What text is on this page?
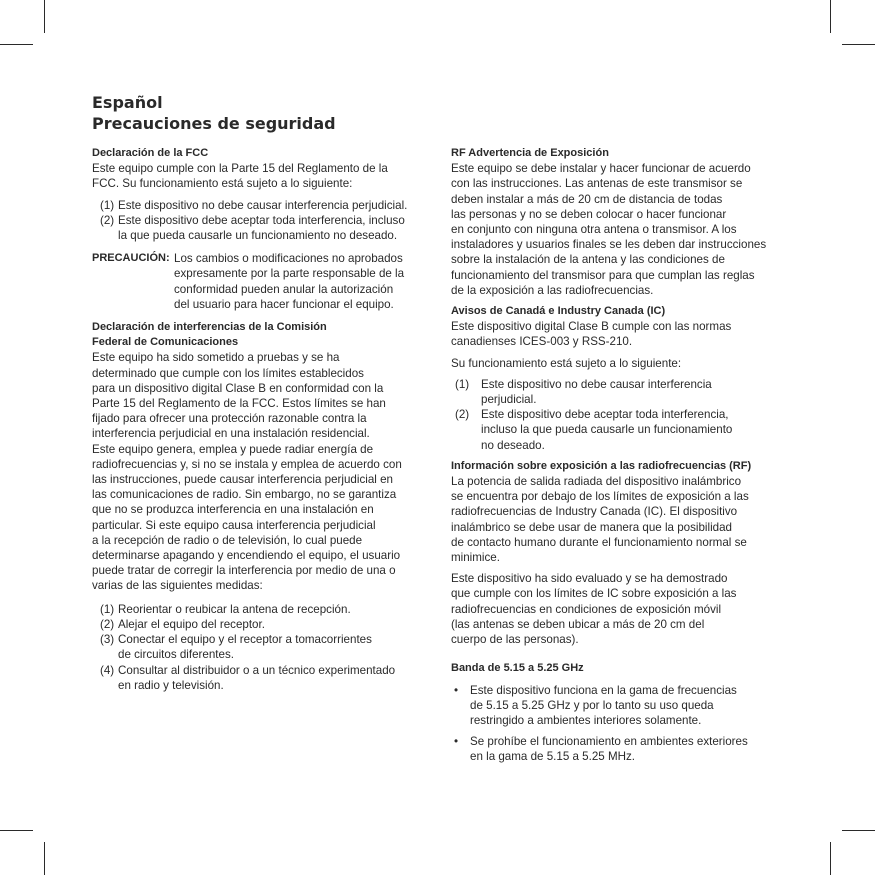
Español
Precauciones de seguridad
Declaración de la FCC
Este equipo cumple con la Parte 15 del Reglamento de la
FCC. Su funcionamiento está sujeto a lo siguiente:
(1) Este dispositivo no debe causar interferencia perjudicial.
(2) Este dispositivo debe aceptar toda interferencia, incluso
la que pueda causarle un funcionamiento no deseado.
PRECAUCIÓN: Los cambios o modificaciones no aprobados
expresamente por la parte responsable de la
conformidad pueden anular la autorización
del usuario para hacer funcionar el equipo.
Declaración de interferencias de la Comisión
Federal de Comunicaciones
Este equipo ha sido sometido a pruebas y se ha
determinado que cumple con los límites establecidos
para un dispositivo digital Clase B en conformidad con la
Parte 15 del Reglamento de la FCC. Estos límites se han
fijado para ofrecer una protección razonable contra la
interferencia perjudicial en una instalación residencial.
Este equipo genera, emplea y puede radiar energía de
radiofrecuencias y, si no se instala y emplea de acuerdo con
las instrucciones, puede causar interferencia perjudicial en
las comunicaciones de radio. Sin embargo, no se garantiza
que no se produzca interferencia en una instalación en
particular. Si este equipo causa interferencia perjudicial
a la recepción de radio o de televisión, lo cual puede
determinarse apagando y encendiendo el equipo, el usuario
puede tratar de corregir la interferencia por medio de una o
varias de las siguientes medidas:
(1) Reorientar o reubicar la antena de recepción.
(2) Alejar el equipo del receptor.
(3) Conectar el equipo y el receptor a tomacorrientes
de circuitos diferentes.
(4) Consultar al distribuidor o a un técnico experimentado
en radio y televisión.
RF Advertencia de Exposición
Este equipo se debe instalar y hacer funcionar de acuerdo
con las instrucciones. Las antenas de este transmisor se
deben instalar a más de 20 cm de distancia de todas
las personas y no se deben colocar o hacer funcionar
en conjunto con ninguna otra antena o transmisor. A los
instaladores y usuarios finales se les deben dar instrucciones
sobre la instalación de la antena y las condiciones de
funcionamiento del transmisor para que cumplan las reglas
de la exposición a las radiofrecuencias.
Avisos de Canadá e Industry Canada (IC)
Este dispositivo digital Clase B cumple con las normas
canadienses ICES-003 y RSS-210.
Su funcionamiento está sujeto a lo siguiente:
(1) Este dispositivo no debe causar interferencia
perjudicial.
(2) Este dispositivo debe aceptar toda interferencia,
incluso la que pueda causarle un funcionamiento
no deseado.
Información sobre exposición a las radiofrecuencias (RF)
La potencia de salida radiada del dispositivo inalámbrico
se encuentra por debajo de los límites de exposición a las
radiofrecuencias de Industry Canada (IC). El dispositivo
inalámbrico se debe usar de manera que la posibilidad
de contacto humano durante el funcionamiento normal se
minimice.
Este dispositivo ha sido evaluado y se ha demostrado
que cumple con los límites de IC sobre exposición a las
radiofrecuencias en condiciones de exposición móvil
(las antenas se deben ubicar a más de 20 cm del
cuerpo de las personas).
Banda de 5.15 a 5.25 GHz
• Este dispositivo funciona en la gama de frecuencias
de 5.15 a 5.25 GHz y por lo tanto su uso queda
restringido a ambientes interiores solamente.
• Se prohíbe el funcionamiento en ambientes exteriores
en la gama de 5.15 a 5.25 MHz.
